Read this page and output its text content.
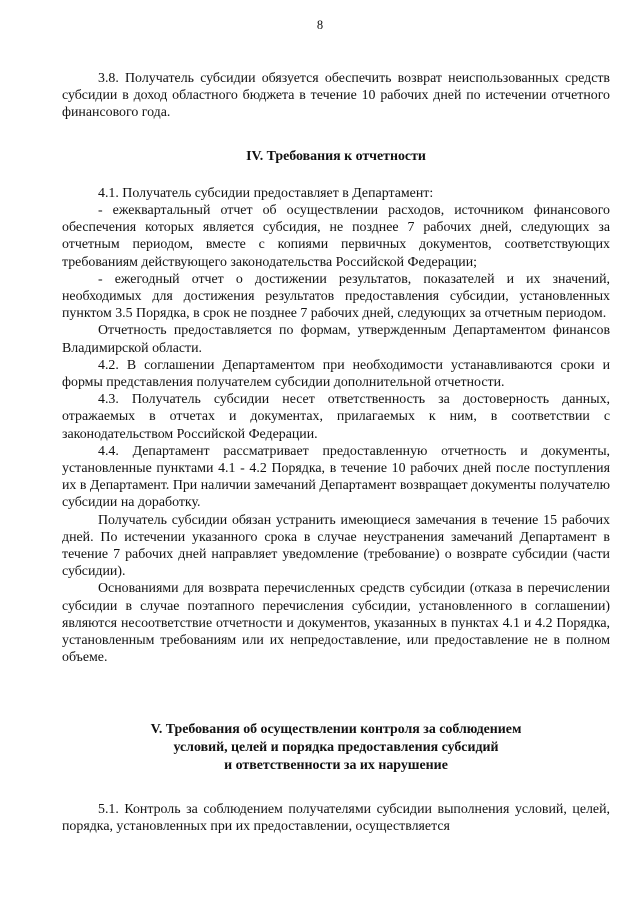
8

3.8. Получатель субсидии обязуется обеспечить возврат неиспользованных средств субсидии в доход областного бюджета в течение 10 рабочих дней по истечении отчетного финансового года.

IV. Требования к отчетности

4.1. Получатель субсидии предоставляет в Департамент:

- ежеквартальный отчет об осуществлении расходов, источником финансового обеспечения которых является субсидия, не позднее 7 рабочих дней, следующих за отчетным периодом, вместе с копиями первичных документов, соответствующих требованиям действующего законодательства Российской Федерации;

- ежегодный отчет о достижении результатов, показателей и их значений, необходимых для достижения результатов предоставления субсидии, установленных пунктом 3.5 Порядка, в срок не позднее 7 рабочих дней, следующих за отчетным периодом.

Отчетность предоставляется по формам, утвержденным Департаментом финансов Владимирской области.

4.2. В соглашении Департаментом при необходимости устанавливаются сроки и формы представления получателем субсидии дополнительной отчетности.

4.3. Получатель субсидии несет ответственность за достоверность данных, отражаемых в отчетах и документах, прилагаемых к ним, в соответствии с законодательством Российской Федерации.

4.4. Департамент рассматривает предоставленную отчетность и документы, установленные пунктами 4.1 - 4.2 Порядка, в течение 10 рабочих дней после поступления их в Департамент. При наличии замечаний Департамент возвращает документы получателю субсидии на доработку.

Получатель субсидии обязан устранить имеющиеся замечания в течение 15 рабочих дней. По истечении указанного срока в случае неустранения замечаний Департамент в течение 7 рабочих дней направляет уведомление (требование) о возврате субсидии (части субсидии).

Основаниями для возврата перечисленных средств субсидии (отказа в перечислении субсидии в случае поэтапного перечисления субсидии, установленного в соглашении) являются несоответствие отчетности и документов, указанных в пунктах 4.1 и 4.2 Порядка, установленным требованиям или их непредоставление, или предоставление не в полном объеме.

V. Требования об осуществлении контроля за соблюдением
условий, целей и порядка предоставления субсидий
и ответственности за их нарушение

5.1. Контроль за соблюдением получателями субсидии выполнения условий, целей, порядка, установленных при их предоставлении, осуществляется
